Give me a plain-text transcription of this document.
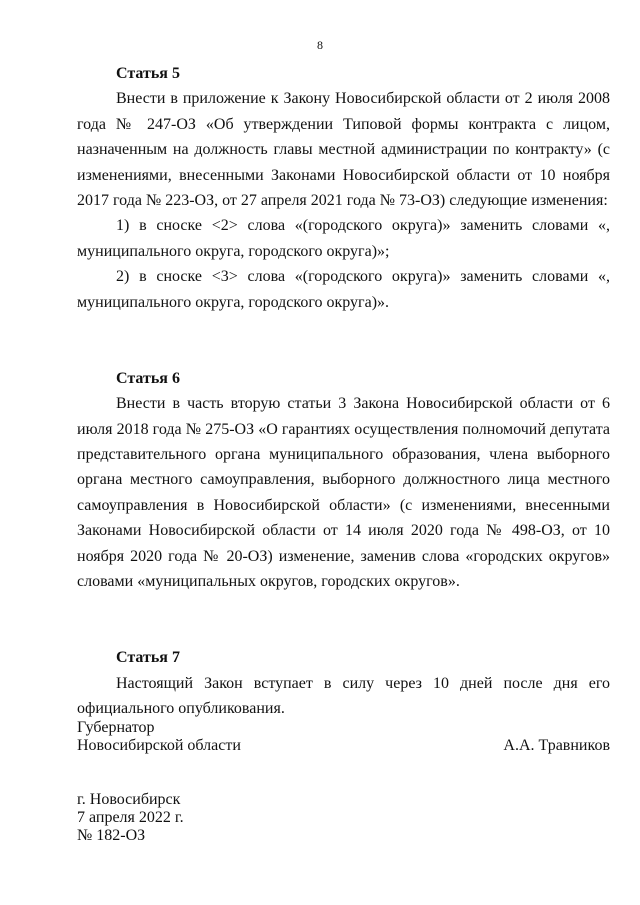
8

Статья 5

Внести в приложение к Закону Новосибирской области от 2 июля 2008 года № 247-ОЗ «Об утверждении Типовой формы контракта с лицом, назначенным на должность главы местной администрации по контракту» (с изменениями, внесенными Законами Новосибирской области от 10 ноября 2017 года № 223-ОЗ, от 27 апреля 2021 года № 73-ОЗ) следующие изменения:

1) в сноске <2> слова «(городского округа)» заменить словами «, муниципального округа, городского округа)»;

2) в сноске <3> слова «(городского округа)» заменить словами «, муниципального округа, городского округа)».

Статья 6

Внести в часть вторую статьи 3 Закона Новосибирской области от 6 июля 2018 года № 275-ОЗ «О гарантиях осуществления полномочий депутата представительного органа муниципального образования, члена выборного органа местного самоуправления, выборного должностного лица местного самоуправления в Новосибирской области» (с изменениями, внесенными Законами Новосибирской области от 14 июля 2020 года № 498-ОЗ, от 10 ноября 2020 года № 20-ОЗ) изменение, заменив слова «городских округов» словами «муниципальных округов, городских округов».

Статья 7

Настоящий Закон вступает в силу через 10 дней после дня его официального опубликования.

Губернатор
Новосибирской области	А.А. Травников
г. Новосибирск
7 апреля 2022 г.
№ 182-ОЗ
